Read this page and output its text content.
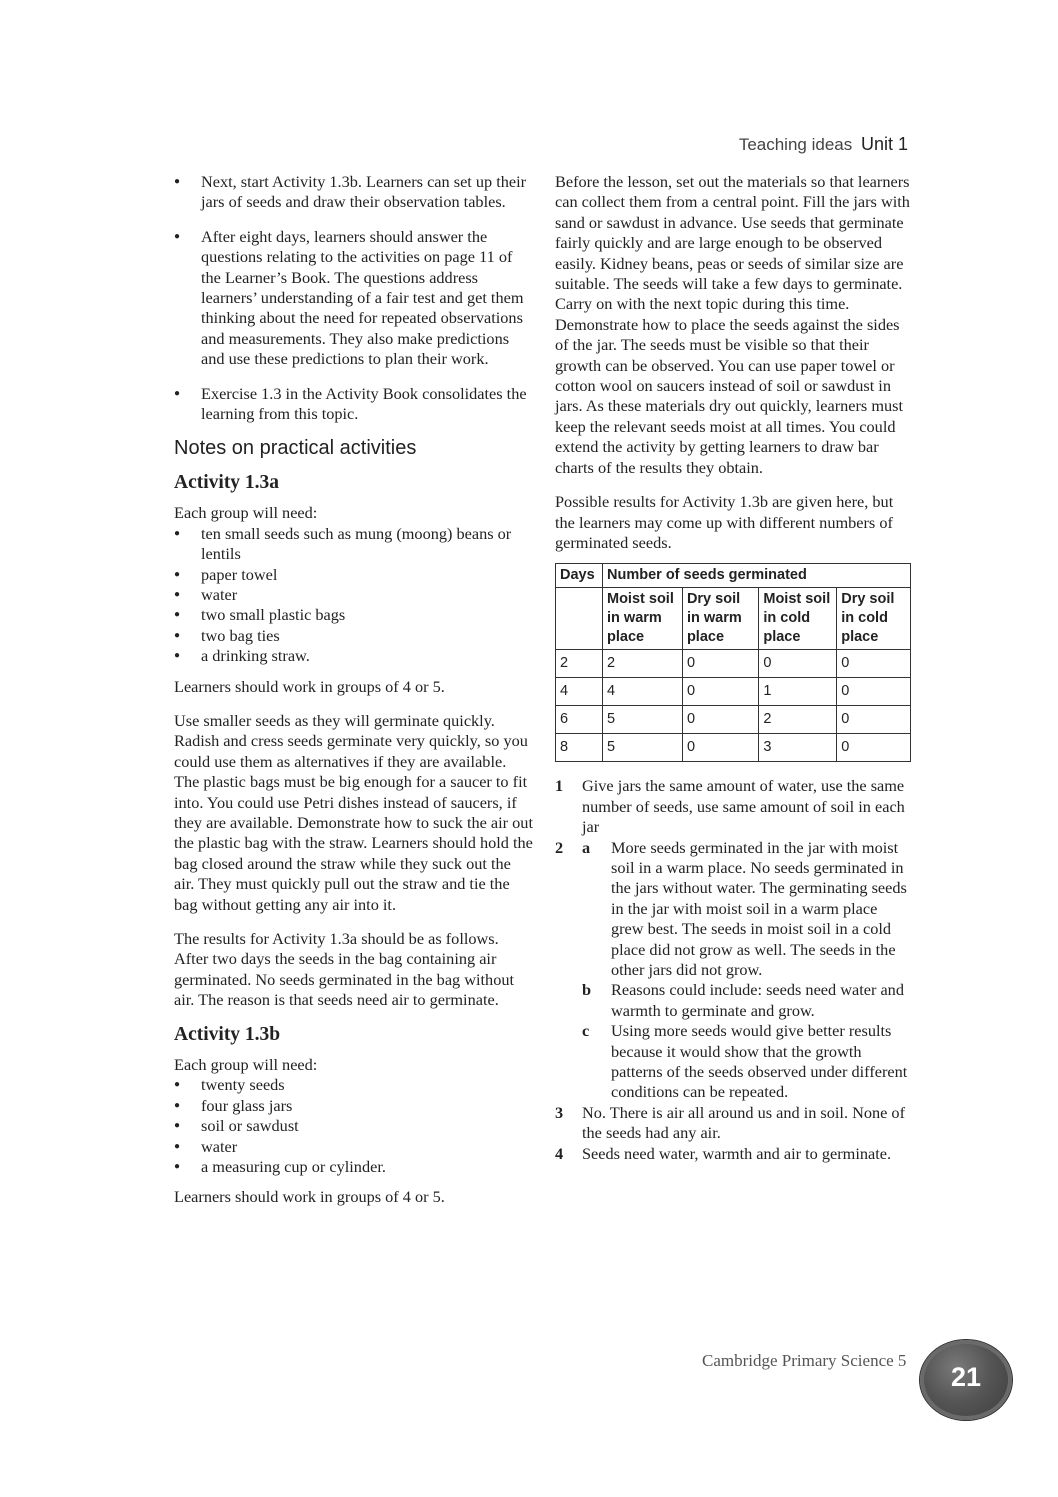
Teaching ideas Unit 1
● Next, start Activity 1.3b. Learners can set up their jars of seeds and draw their observation tables.
● After eight days, learners should answer the questions relating to the activities on page 11 of the Learner’s Book. The questions address learners’ understanding of a fair test and get them thinking about the need for repeated observations and measurements. They also make predictions and use these predictions to plan their work.
● Exercise 1.3 in the Activity Book consolidates the learning from this topic.
Notes on practical activities
Activity 1.3a
Each group will need:
● ten small seeds such as mung (moong) beans or lentils
● paper towel
● water
● two small plastic bags
● two bag ties
● a drinking straw.

Learners should work in groups of 4 or 5.

Use smaller seeds as they will germinate quickly. Radish and cress seeds germinate very quickly, so you could use them as alternatives if they are available. The plastic bags must be big enough for a saucer to fit into. You could use Petri dishes instead of saucers, if they are available. Demonstrate how to suck the air out the plastic bag with the straw. Learners should hold the bag closed around the straw while they suck out the air. They must quickly pull out the straw and tie the bag without getting any air into it.

The results for Activity 1.3a should be as follows. After two days the seeds in the bag containing air germinated. No seeds germinated in the bag without air. The reason is that seeds need air to germinate.

Activity 1.3b
Each group will need:
● twenty seeds
● four glass jars
● soil or sawdust
● water
● a measuring cup or cylinder.

Learners should work in groups of 4 or 5.

Before the lesson, set out the materials so that learners can collect them from a central point. Fill the jars with sand or sawdust in advance. Use seeds that germinate fairly quickly and are large enough to be observed easily. Kidney beans, peas or seeds of similar size are suitable. The seeds will take a few days to germinate. Carry on with the next topic during this time. Demonstrate how to place the seeds against the sides of the jar. The seeds must be visible so that their growth can be observed. You can use paper towel or cotton wool on saucers instead of soil or sawdust in jars. As these materials dry out quickly, learners must keep the relevant seeds moist at all times. You could extend the activity by getting learners to draw bar charts of the results they obtain.

Possible results for Activity 1.3b are given here, but the learners may come up with different numbers of germinated seeds.

Days	Number of seeds germinated			
	Moist soil in warm place	Dry soil in warm place	Moist soil in cold place	Dry soil in cold place
2	2	0	0	0
4	4	0	1	0
6	5	0	2	0
8	5	0	3	0
1 Give jars the same amount of water, use the same number of seeds, use same amount of soil in each jar
2 a More seeds germinated in the jar with moist soil in a warm place. No seeds germinated in the jars without water. The germinating seeds in the jar with moist soil in a warm place grew best. The seeds in moist soil in a cold place did not grow as well. The seeds in the other jars did not grow.
b Reasons could include: seeds need water and warmth to germinate and grow.
c Using more seeds would give better results because it would show that the growth patterns of the seeds observed under different conditions can be repeated.
3 No. There is air all around us and in soil. None of the seeds had any air.
4 Seeds need water, warmth and air to germinate.
Cambridge Primary Science 5
21
